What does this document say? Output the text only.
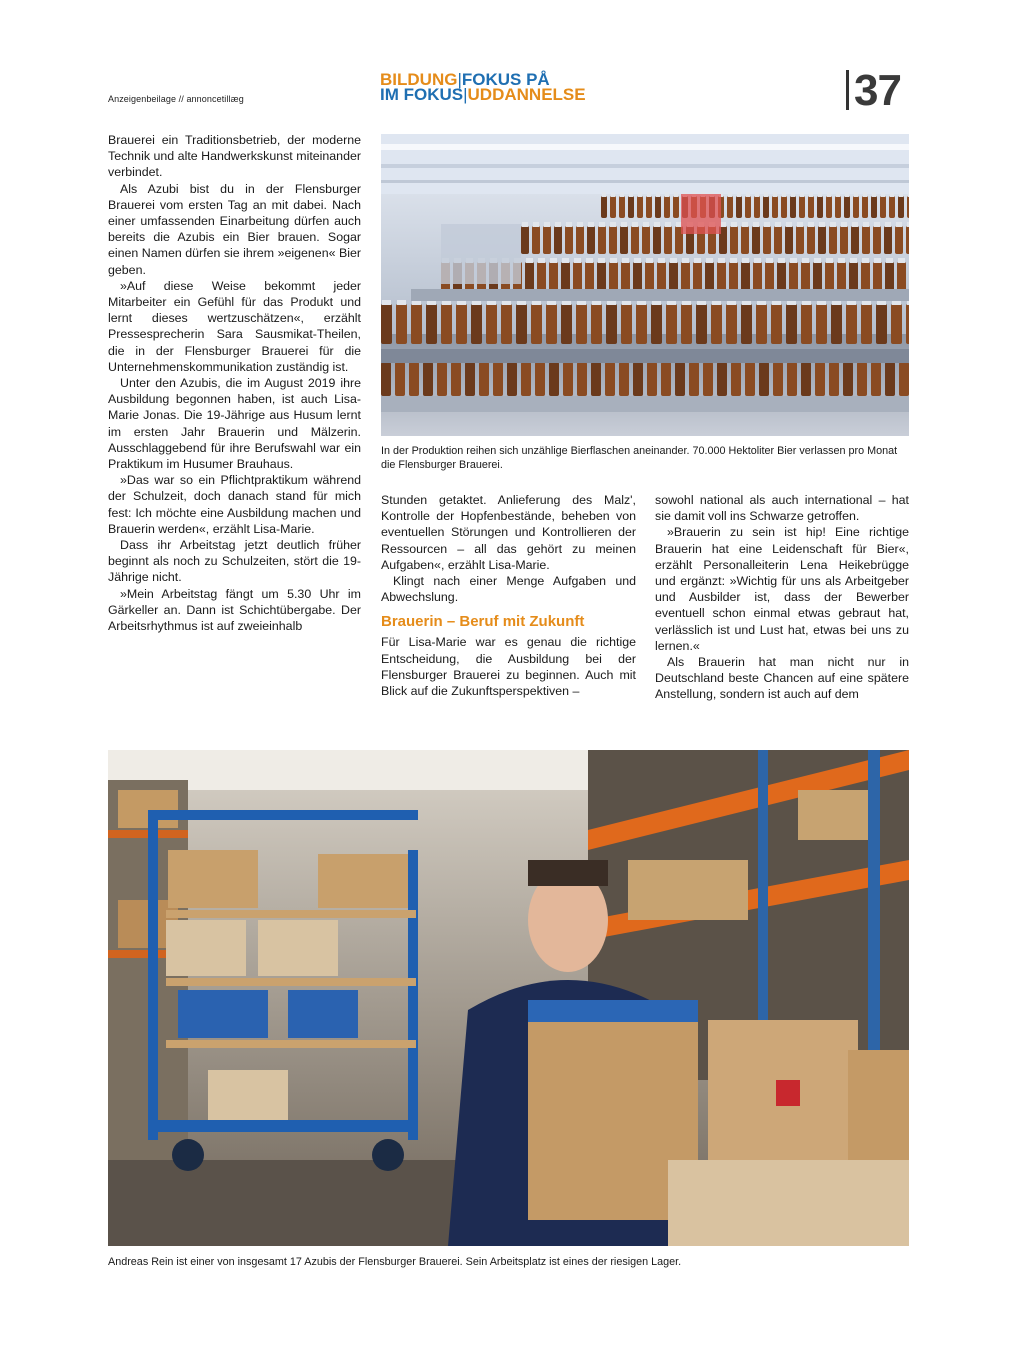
Anzeigenbeilage // annoncetillæg
BILDUNG|FOKUS PÅ
IM FOKUS|UDDANNELSE	37

Brauerei ein Traditionsbetrieb, der moderne Technik und alte Handwerkskunst miteinander verbindet.

Als Azubi bist du in der Flensburger Brauerei vom ersten Tag an mit dabei. Nach einer umfassenden Einarbeitung dürfen auch bereits die Azubis ein Bier brauen. Sogar einen Namen dürfen sie ihrem »eigenen« Bier geben.

»Auf diese Weise bekommt jeder Mitarbeiter ein Gefühl für das Produkt und lernt dieses wertzuschätzen«, erzählt Pressesprecherin Sara Sausmikat-Theilen, die in der Flensburger Brauerei für die Unternehmenskommunikation zuständig ist.

Unter den Azubis, die im August 2019 ihre Ausbildung begonnen haben, ist auch Lisa-Marie Jonas. Die 19-Jährige aus Husum lernt im ersten Jahr Brauerin und Mälzerin. Ausschlaggebend für ihre Berufswahl war ein Praktikum im Husumer Brauhaus.

»Das war so ein Pflichtpraktikum während der Schulzeit, doch danach stand für mich fest: Ich möchte eine Ausbildung machen und Brauerin werden«, erzählt Lisa-Marie.

Dass ihr Arbeitstag jetzt deutlich früher beginnt als noch zu Schulzeiten, stört die 19-Jährige nicht.

»Mein Arbeitstag fängt um 5.30 Uhr im Gärkeller an. Dann ist Schichtübergabe. Der Arbeitsrhythmus ist auf zweieinhalb

In der Produktion reihen sich unzählige Bierflaschen aneinander. 70.000 Hektoliter Bier verlassen pro Monat die Flensburger Brauerei.

Stunden getaktet. Anlieferung des Malz', Kontrolle der Hopfenbestände, beheben von eventuellen Störungen und Kontrollieren der Ressourcen – all das gehört zu meinen Aufgaben«, erzählt Lisa-Marie.

Klingt nach einer Menge Aufgaben und Abwechslung.

Brauerin – Beruf mit Zukunft

Für Lisa-Marie war es genau die richtige Entscheidung, die Ausbildung bei der Flensburger Brauerei zu beginnen. Auch mit Blick auf die Zukunftsperspektiven –

sowohl national als auch international – hat sie damit voll ins Schwarze getroffen.

»Brauerin zu sein ist hip! Eine richtige Brauerin hat eine Leidenschaft für Bier«, erzählt Personalleiterin Lena Heikebrügge und ergänzt: »Wichtig für uns als Arbeitgeber und Ausbilder ist, dass der Bewerber eventuell schon einmal etwas gebraut hat, verlässlich ist und Lust hat, etwas bei uns zu lernen.«

Als Brauerin hat man nicht nur in Deutschland beste Chancen auf eine spätere Anstellung, sondern ist auch auf dem

Andreas Rein ist einer von insgesamt 17 Azubis der Flensburger Brauerei. Sein Arbeitsplatz ist eines der riesigen Lager.
